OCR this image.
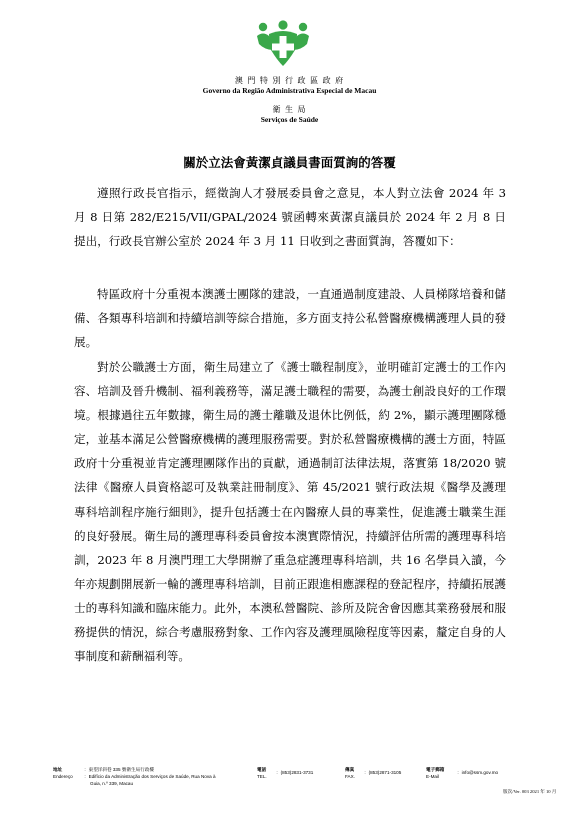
澳 門 特 別 行 政 區 政 府
Governo da Região Administrativa Especial de Macau
衛 生 局
Serviços de Saúde
關於立法會黃潔貞議員書面質詢的答覆

遵照行政長官指示，經徵詢人才發展委員會之意見，本人對立法會 2024 年 3 月 8 日第 282/E215/VII/GPAL/2024 號函轉來黃潔貞議員於 2024 年 2 月 8 日提出，行政長官辦公室於 2024 年 3 月 11 日收到之書面質詢，答覆如下：

特區政府十分重視本澳護士團隊的建設，一直通過制度建設、人員梯隊培養和儲備、各類專科培訓和持續培訓等綜合措施，多方面支持公私營醫療機構護理人員的發展。

對於公職護士方面，衛生局建立了《護士職程制度》，並明確訂定護士的工作內容、培訓及晉升機制、福利義務等，滿足護士職程的需要，為護士創設良好的工作環境。根據過往五年數據，衛生局的護士離職及退休比例低，約 2%，顯示護理團隊穩定，並基本滿足公營醫療機構的護理服務需要。對於私營醫療機構的護士方面，特區政府十分重視並肯定護理團隊作出的貢獻，通過制訂法律法規，落實第 18/2020 號法律《醫療人員資格認可及執業註冊制度》、第 45/2021 號行政法規《醫學及護理專科培訓程序施行細則》，提升包括護士在內醫療人員的專業性，促進護士職業生涯的良好發展。衛生局的護理專科委員會按本澳實際情況，持續評估所需的護理專科培訓，2023 年 8 月澳門理工大學開辦了重急症護理專科培訓，共 16 名學員入讀，今年亦規劃開展新一輪的護理專科培訓，目前正跟進相應課程的登記程序，持續拓展護士的專科知識和臨床能力。此外，本澳私營醫院、診所及院舍會因應其業務發展和服務提供的情況，綜合考慮服務對象、工作內容及護理風險程度等因素，釐定自身的人事制度和薪酬福利等。

地址
Endereço
：東望洋斜巷 335 號衛生局行政樓
：Edifício da Administração dos Serviços de Saúde, Rua Nova à
Guia, n.º 339, Macau
電話
TEL.
：(853)2831-3731
傳真
FAX.
：(853)2871-3105
電子郵箱
E-Mail
：info@ssm.gov.mo
版次/Ver. 003 2021 年 10 月
